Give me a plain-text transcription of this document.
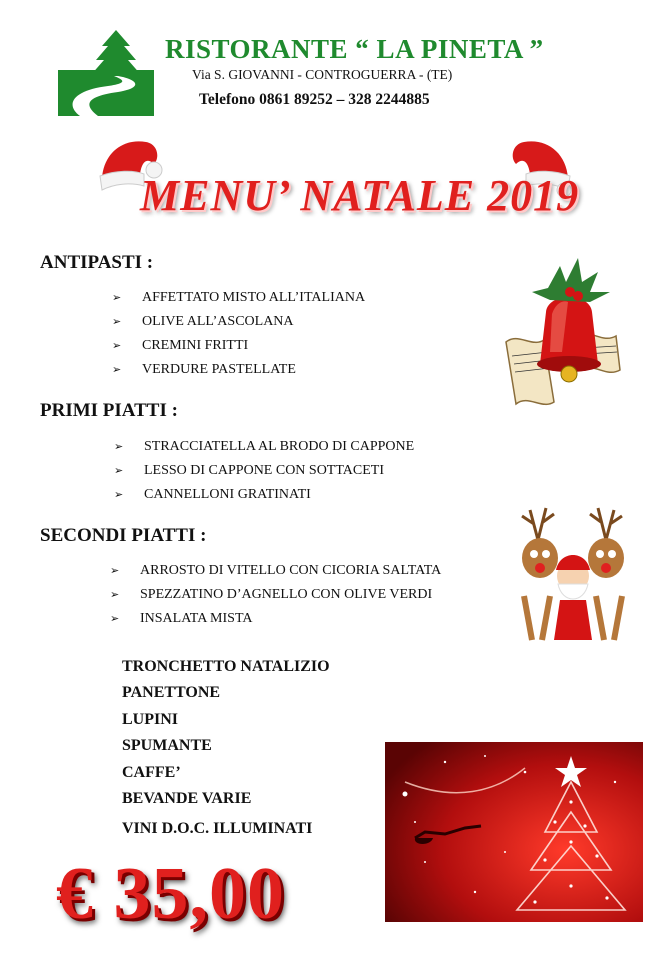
RISTORANTE “ LA PINETA ”
Via S. GIOVANNI - CONTROGUERRA - (TE)
Telefono 0861 89252 – 328 2244885
MENU’ NATALE 2019
ANTIPASTI :
➢ AFFETTATO MISTO ALL’ITALIANA
➢ OLIVE ALL’ASCOLANA
➢ CREMINI FRITTI
➢ VERDURE PASTELLATE
PRIMI PIATTI :
➢ STRACCIATELLA AL BRODO DI CAPPONE
➢ LESSO DI CAPPONE CON SOTTACETI
➢ CANNELLONI GRATINATI
SECONDI PIATTI :
➢ ARROSTO DI VITELLO CON CICORIA SALTATA
➢ SPEZZATINO D’AGNELLO CON OLIVE VERDI
➢ INSALATA MISTA
TRONCHETTO NATALIZIO
PANETTONE
LUPINI
SPUMANTE
CAFFE’
BEVANDE VARIE
VINI D.O.C. ILLUMINATI
€ 35,00
